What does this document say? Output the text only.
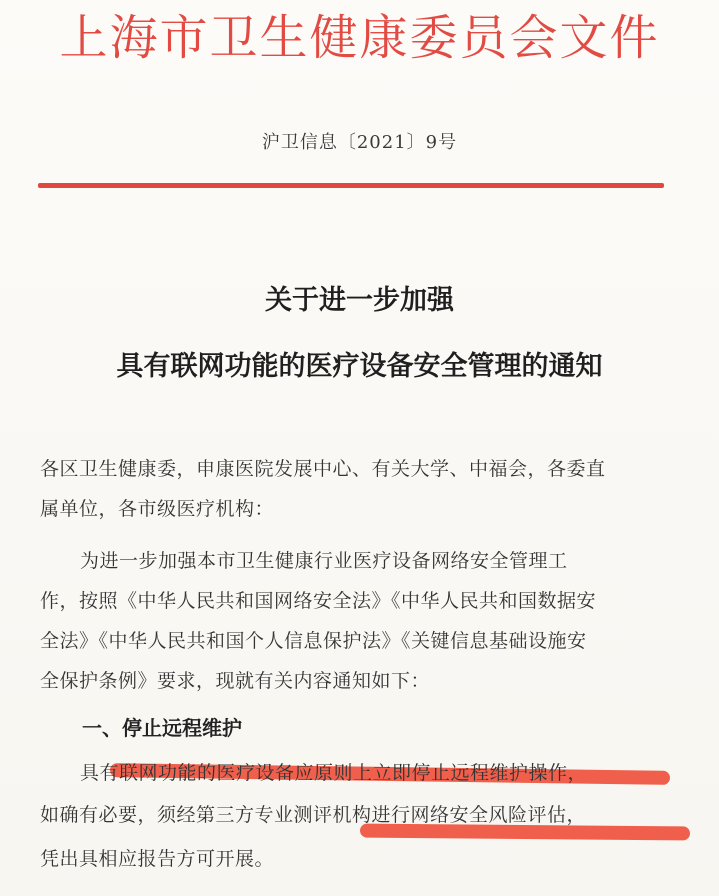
上海市卫生健康委员会文件
沪卫信息〔2021〕9号
关于进一步加强
具有联网功能的医疗设备安全管理的通知
各区卫生健康委，申康医院发展中心、有关大学、中福会，各委直
属单位，各市级医疗机构：
为进一步加强本市卫生健康行业医疗设备网络安全管理工
作，按照《中华人民共和国网络安全法》《中华人民共和国数据安
全法》《中华人民共和国个人信息保护法》《关键信息基础设施安
全保护条例》要求，现就有关内容通知如下：
一、停止远程维护
具有联网功能的医疗设备应原则上立即停止远程维护操作，
如确有必要，须经第三方专业测评机构进行网络安全风险评估，
凭出具相应报告方可开展。
